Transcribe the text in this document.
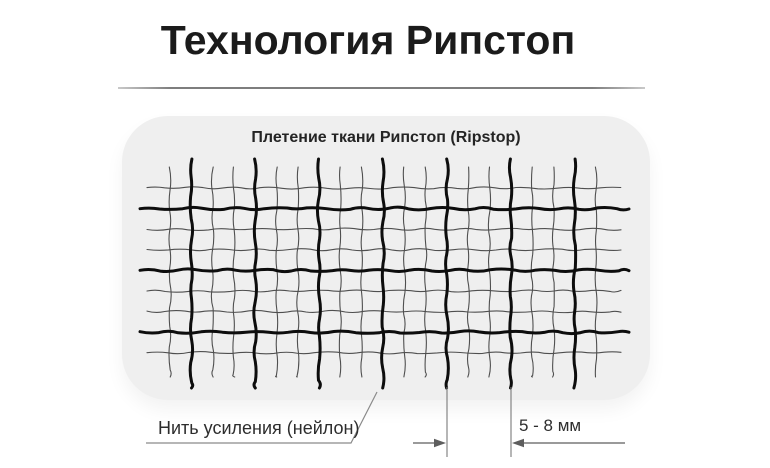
Технология Рипстоп
Плетение ткани Рипстоп (Ripstop)
Нить усиления (нейлон)	5 - 8 мм
